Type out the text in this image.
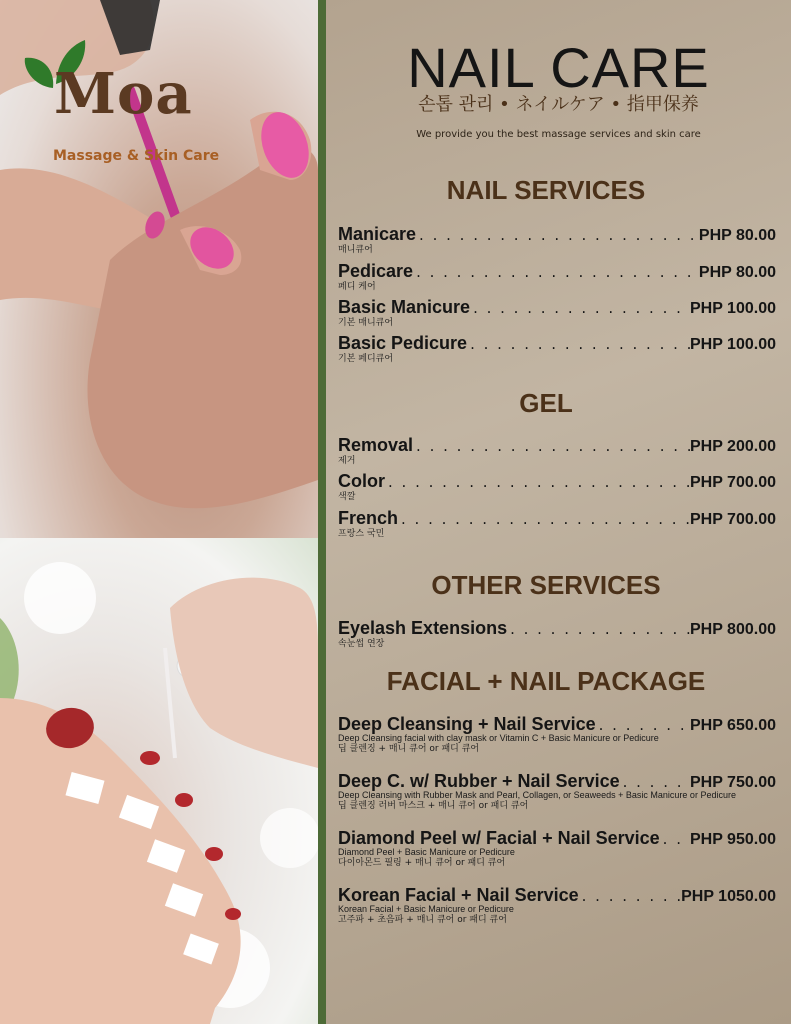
Moa
Massage & Skin Care
NAIL CARE
손톱 관리 • ネイルケア • 指甲保养
We provide you the best massage services and skin care
NAIL SERVICES
Manicare . . .	PHP 80.00
매니큐어
Pedicare . . .	PHP 80.00
페디 케어
Basic Manicure . . .	PHP 100.00
기본 매니큐어
Basic Pedicure . . .	PHP 100.00
기본 페디큐어
GEL
Removal . . .	PHP 200.00
제거
Color . . .	PHP 700.00
색깔
French . . .	PHP 700.00
프랑스 국민
OTHER SERVICES
Eyelash Extensions . . .	PHP 800.00
속눈썹 연장
FACIAL + NAIL PACKAGE
Deep Cleansing + Nail Service . . .	PHP 650.00
Deep Cleansing facial with clay mask or Vitamin C + Basic Manicure or Pedicure
딥 클렌징 + 매니 큐어 or 패디 큐어
Deep C. w/ Rubber + Nail Service . . .	PHP 750.00
Deep Cleansing with Rubber Mask and Pearl, Collagen, or Seaweeds + Basic Manicure or Pedicure
딥 클렌징 러버 마스크 + 매니 큐어 or 패디 큐어
Diamond Peel w/ Facial + Nail Service . . . PHP 950.00
Diamond Peel + Basic Manicure or Pedicure
다이아몬드 필링 + 매니 큐어 or 패디 큐어
Korean Facial + Nail Service . . .	PHP 1050.00
Korean Facial + Basic Manicure or Pedicure
고주파 + 초음파 + 매니 큐어 or 패디 큐어
